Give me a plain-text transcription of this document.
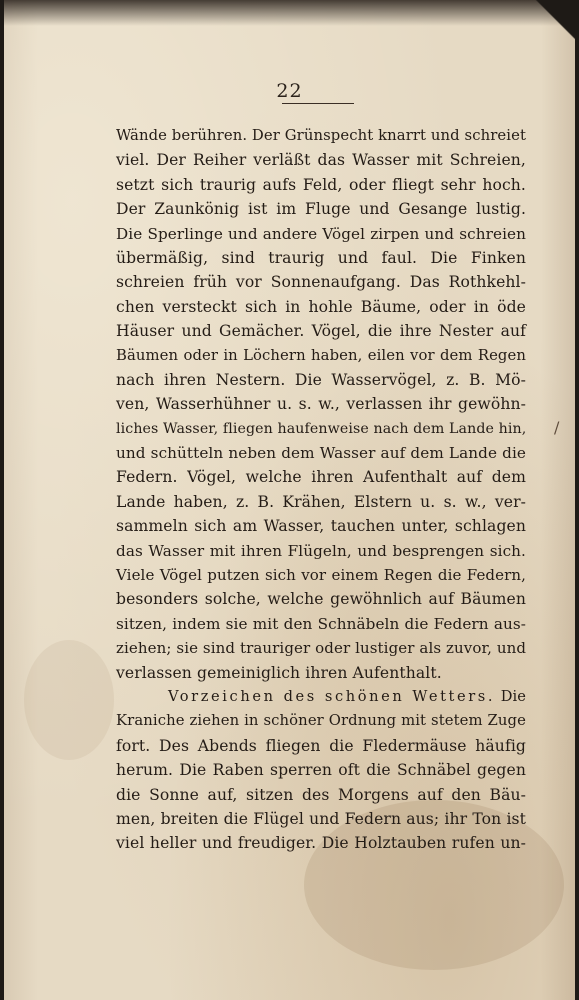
22
Wände berühren. Der Grünspecht knarrt und schreiet
viel. Der Reiher verläßt das Wasser mit Schreien,
setzt sich traurig aufs Feld, oder fliegt sehr hoch.
Der Zaunkönig ist im Fluge und Gesange lustig.
Die Sperlinge und andere Vögel zirpen und schreien
übermäßig, sind traurig und faul. Die Finken
schreien früh vor Sonnenaufgang. Das Rothkehl-
chen versteckt sich in hohle Bäume, oder in öde
Häuser und Gemächer. Vögel, die ihre Nester auf
Bäumen oder in Löchern haben, eilen vor dem Regen
nach ihren Nestern. Die Wasservögel, z. B. Mö-
ven, Wasserhühner u. s. w., verlassen ihr gewöhn-
liches Wasser, fliegen haufenweise nach dem Lande hin,
und schütteln neben dem Wasser auf dem Lande die
Federn. Vögel, welche ihren Aufenthalt auf dem
Lande haben, z. B. Krähen, Elstern u. s. w., ver-
sammeln sich am Wasser, tauchen unter, schlagen
das Wasser mit ihren Flügeln, und besprengen sich.
Viele Vögel putzen sich vor einem Regen die Federn,
besonders solche, welche gewöhnlich auf Bäumen
sitzen, indem sie mit den Schnäbeln die Federn aus-
ziehen; sie sind trauriger oder lustiger als zuvor, und
verlassen gemeiniglich ihren Aufenthalt.
Vorzeichen des schönen Wetters. Die
Kraniche ziehen in schöner Ordnung mit stetem Zuge
fort. Des Abends fliegen die Fledermäuse häufig
herum. Die Raben sperren oft die Schnäbel gegen
die Sonne auf, sitzen des Morgens auf den Bäu-
men, breiten die Flügel und Federn aus; ihr Ton ist
viel heller und freudiger. Die Holztauben rufen un-
/
